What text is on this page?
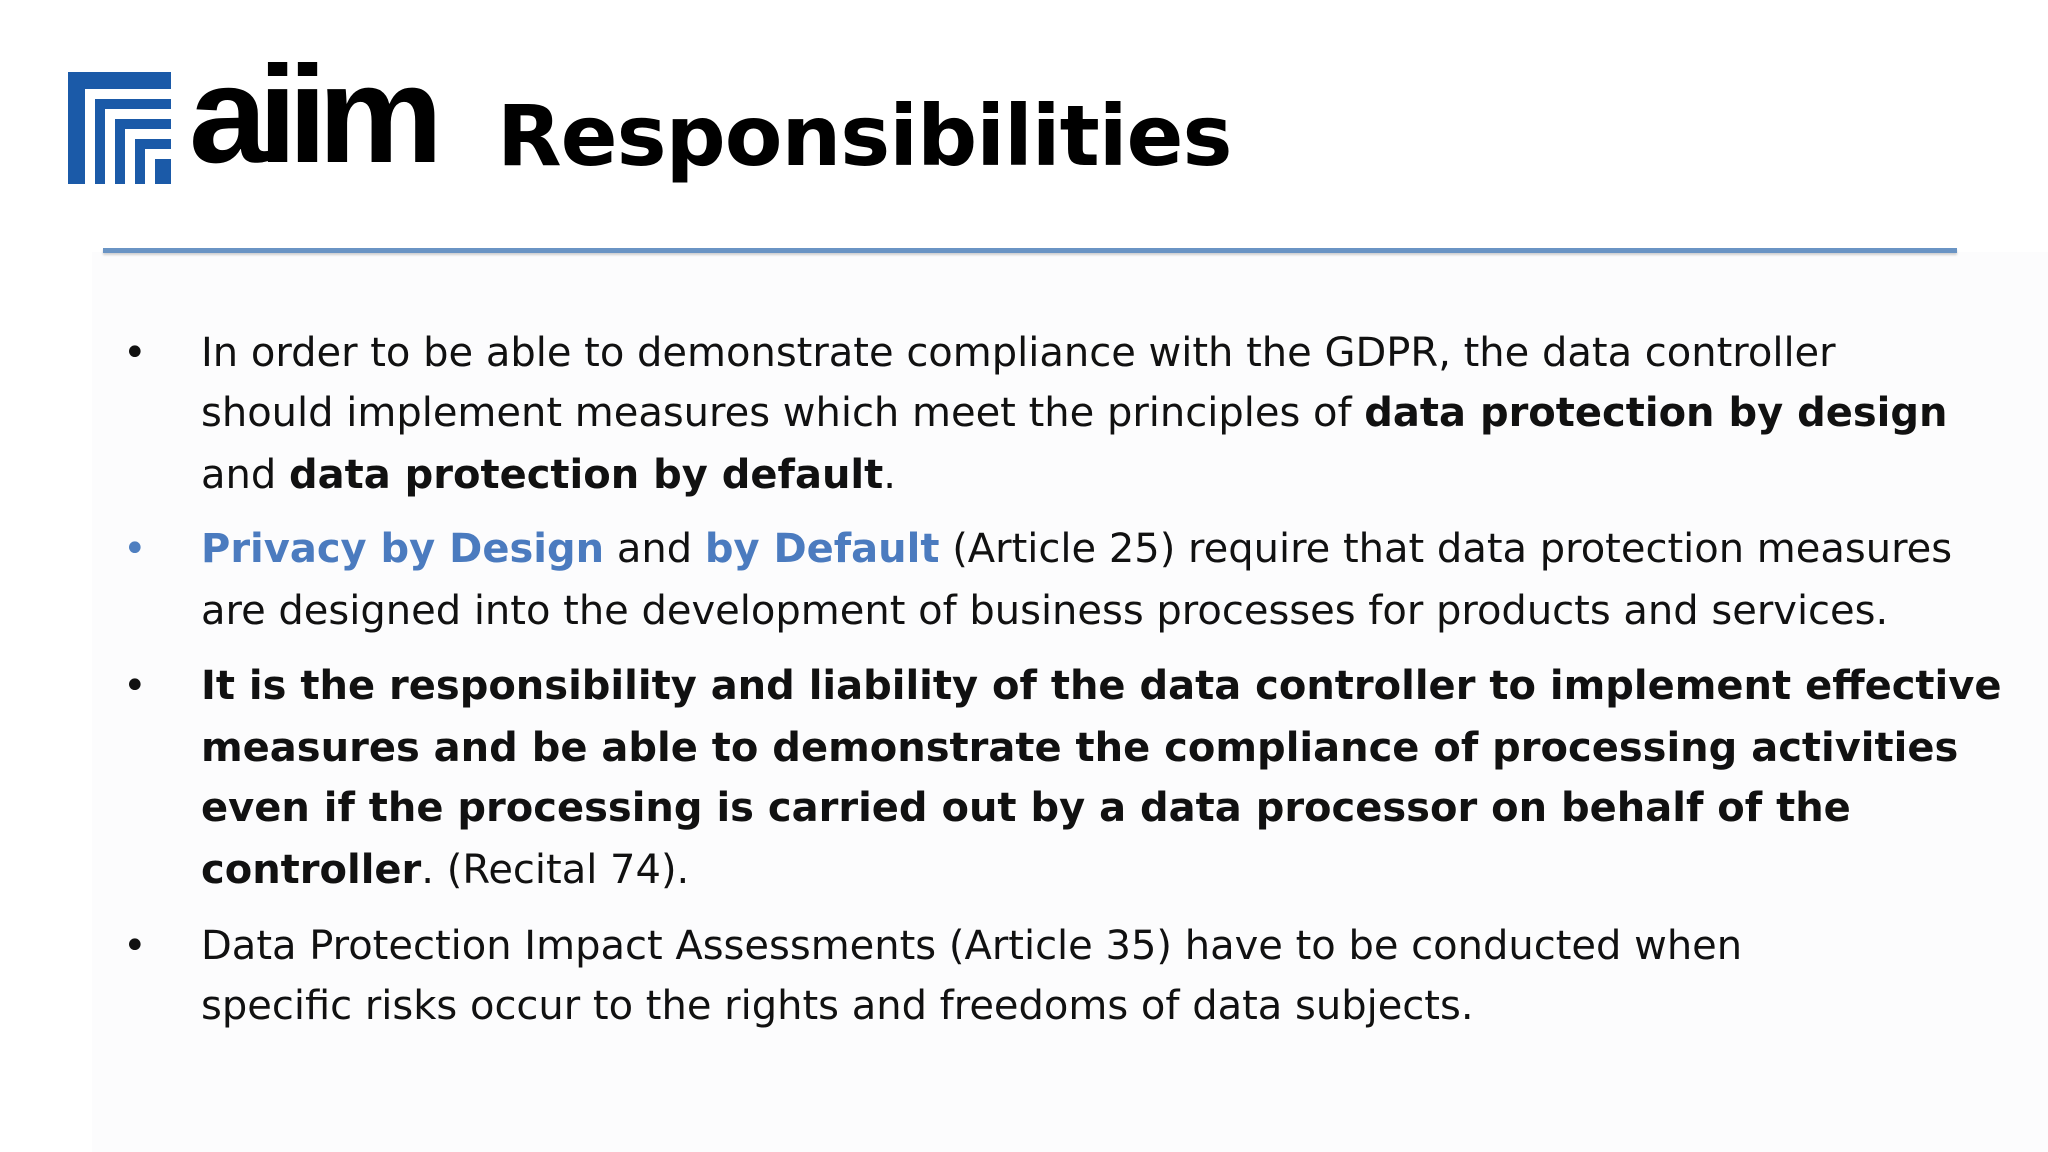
aiim Responsibilities
• In order to be able to demonstrate compliance with the GDPR, the data controller
should implement measures which meet the principles of data protection by design
and data protection by default.
• Privacy by Design and by Default (Article 25) require that data protection measures
are designed into the development of business processes for products and services.
• It is the responsibility and liability of the data controller to implement effective
measures and be able to demonstrate the compliance of processing activities
even if the processing is carried out by a data processor on behalf of the
controller. (Recital 74).
• Data Protection Impact Assessments (Article 35) have to be conducted when
specific risks occur to the rights and freedoms of data subjects.
